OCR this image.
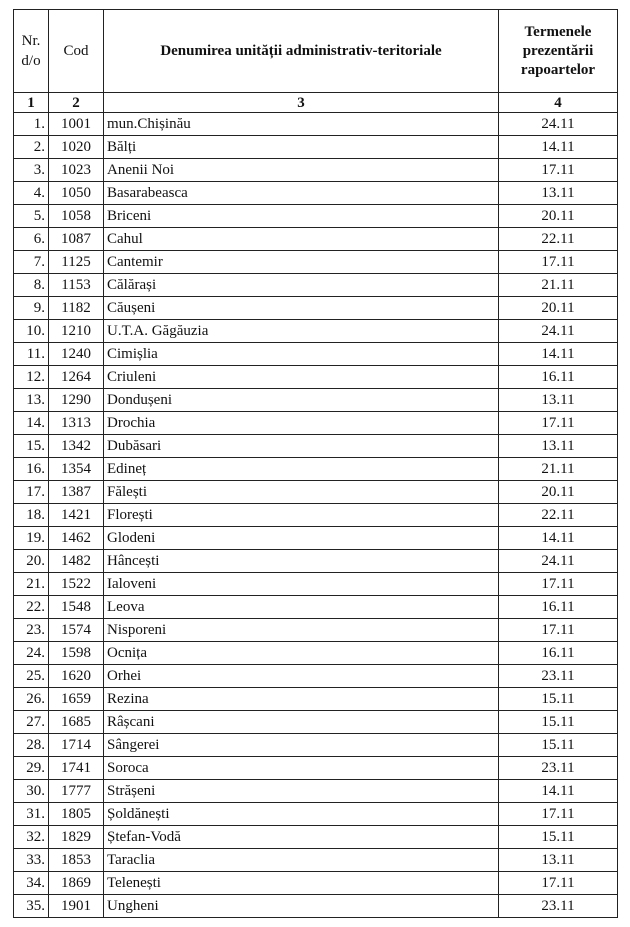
Nr.
d/o	Cod	Denumirea unității administrativ-teritoriale	Termenele
prezentării
rapoartelor

1	2	3	4
1.	1001	mun.Chișinău	24.11
2.	1020	Bălți	14.11
3.	1023	Anenii Noi	17.11
4.	1050	Basarabeasca	13.11
5.	1058	Briceni	20.11
6.	1087	Cahul	22.11
7.	1125	Cantemir	17.11
8.	1153	Călărași	21.11
9.	1182	Căușeni	20.11
10.	1210	U.T.A. Găgăuzia	24.11
11.	1240	Cimișlia	14.11
12.	1264	Criuleni	16.11
13.	1290	Dondușeni	13.11
14.	1313	Drochia	17.11
15.	1342	Dubăsari	13.11
16.	1354	Edineț	21.11
17.	1387	Fălești	20.11
18.	1421	Florești	22.11
19.	1462	Glodeni	14.11
20.	1482	Hâncești	24.11
21.	1522	Ialoveni	17.11
22.	1548	Leova	16.11
23.	1574	Nisporeni	17.11
24.	1598	Ocnița	16.11
25.	1620	Orhei	23.11
26.	1659	Rezina	15.11
27.	1685	Râșcani	15.11
28.	1714	Sângerei	15.11
29.	1741	Soroca	23.11
30.	1777	Strășeni	14.11
31.	1805	Șoldănești	17.11
32.	1829	Ștefan-Vodă	15.11
33.	1853	Taraclia	13.11
34.	1869	Telenești	17.11
35.	1901	Ungheni	23.11
